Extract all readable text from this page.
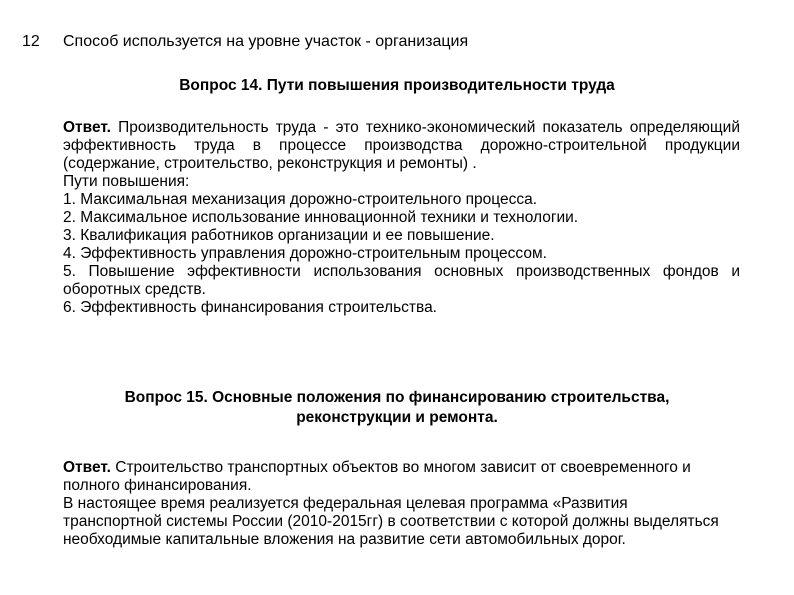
12 Способ используется на уровне участок - организация
Вопрос 14. Пути повышения производительности труда
Ответ. Производительность труда - это технико-экономический показатель определяющий эффективность труда в процессе производства дорожно-строительной продукции (содержание, строительство, реконструкция и ремонты) .
Пути повышения:
1. Максимальная механизация дорожно-строительного процесса.
2. Максимальное использование инновационной техники и технологии.
3. Квалификация работников организации и ее повышение.
4. Эффективность управления дорожно-строительным процессом.
5. Повышение эффективности использования основных производственных фондов и оборотных средств.
6. Эффективность финансирования строительства.
Вопрос 15. Основные положения по финансированию строительства,
реконструкции и ремонта.
Ответ. Строительство транспортных объектов во многом зависит от своевременного и полного финансирования.
В настоящее время реализуется федеральная целевая программа «Развития транспортной системы России (2010-2015гг) в соответствии с которой должны выделяться необходимые капитальные вложения на развитие сети автомобильных дорог.
